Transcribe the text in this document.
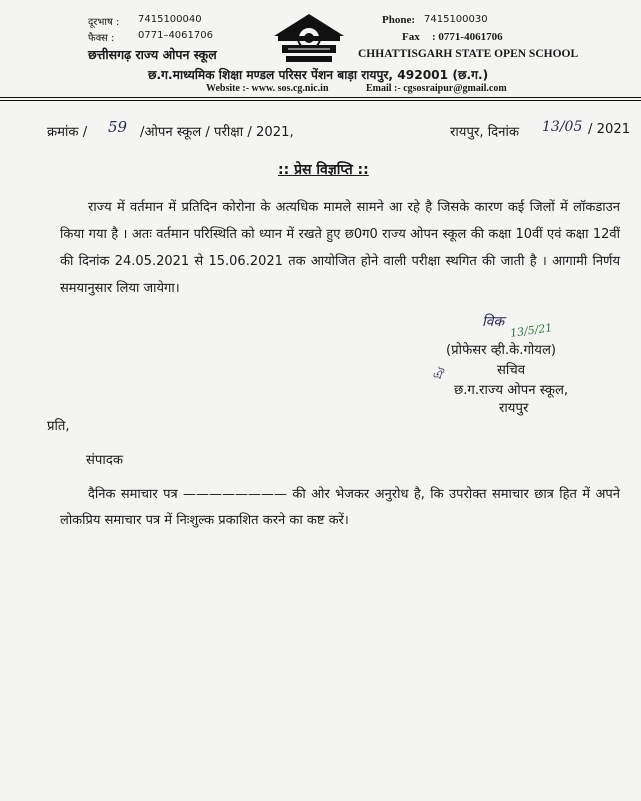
दूरभाष : 7415100040
फैक्स : 0771–4061706
छत्तीसगढ़ राज्य ओपन स्कूल
Phone: 7415100030
Fax : 0771-4061706
CHHATTISGARH STATE OPEN SCHOOL
छ.ग.माध्यमिक शिक्षा मण्डल परिसर पेंशन बाड़ा रायपुर, 492001 (छ.ग.)
Website :- www. sos.cg.nic.in	Email :- cgsosraipur@gmail.com
क्रमांक / 59 /ओपन स्कूल / परीक्षा / 2021,	रायपुर, दिनांक 13/05 / 2021
:: प्रेस विज्ञप्ति ::
राज्य में वर्तमान में प्रतिदिन कोरोना के अत्यधिक मामले सामने आ रहे है जिसके कारण कई जिलों में लॉकडाउन किया गया है । अतः वर्तमान परिस्थिति को ध्यान में रखते हुए छ0ग0 राज्य ओपन स्कूल की कक्षा 10वीं एवं कक्षा 12वीं की दिनांक 24.05.2021 से 15.06.2021 तक आयोजित होने वाली परीक्षा स्थगित की जाती है । आगामी निर्णय समयानुसार लिया जायेगा।
विक 13/5/21
(प्रोफेसर व्ही.के.गोयल)
सचिव
ঐ
छ.ग.राज्य ओपन स्कूल,
रायपुर
प्रति,
संपादक
दैनिक समाचार पत्र ———————— की ओर भेजकर अनुरोध है, कि उपरोक्त समाचार छात्र हित में अपने लोकप्रिय समाचार पत्र में निःशुल्क प्रकाशित करने का कष्ट करें।
